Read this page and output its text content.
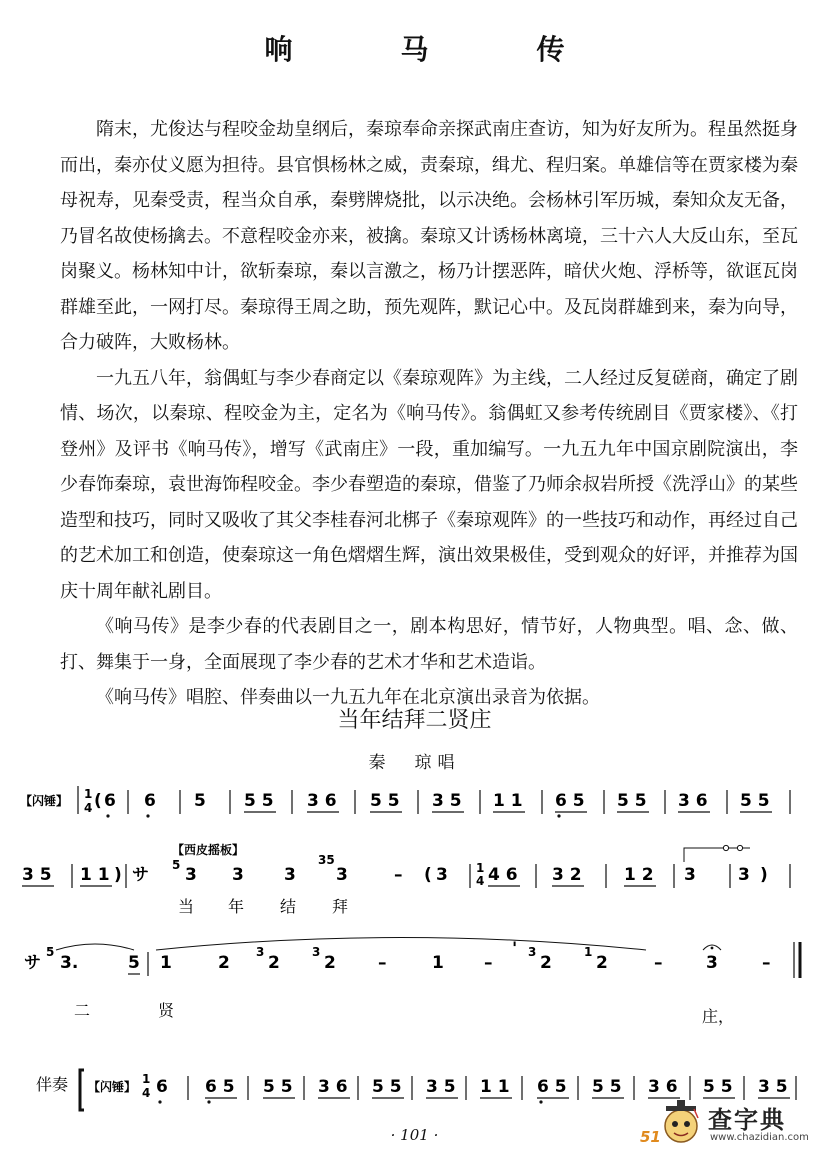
响　马　传

隋末，尤俊达与程咬金劫皇纲后，秦琼奉命亲探武南庄查访，知为好友所为。程虽然挺身而出，秦亦仗义愿为担待。县官惧杨林之威，责秦琼，缉尤、程归案。单雄信等在贾家楼为秦母祝寿，见秦受责，程当众自承，秦劈牌烧批，以示决绝。会杨林引军历城，秦知众友无备，乃冒名故使杨擒去。不意程咬金亦来，被擒。秦琼又计诱杨林离境，三十六人大反山东，至瓦岗聚义。杨林知中计，欲斩秦琼，秦以言激之，杨乃计摆恶阵，暗伏火炮、浮桥等，欲诓瓦岗群雄至此，一网打尽。秦琼得王周之助，预先观阵，默记心中。及瓦岗群雄到来，秦为向导，合力破阵，大败杨林。

一九五八年，翁偶虹与李少春商定以《秦琼观阵》为主线，二人经过反复磋商，确定了剧情、场次，以秦琼、程咬金为主，定名为《响马传》。翁偶虹又参考传统剧目《贾家楼》、《打登州》及评书《响马传》，增写《武南庄》一段，重加编写。一九五九年中国京剧院演出，李少春饰秦琼，袁世海饰程咬金。李少春塑造的秦琼，借鉴了乃师余叔岩所授《洗浮山》的某些造型和技巧，同时又吸收了其父李桂春河北梆子《秦琼观阵》的一些技巧和动作，再经过自己的艺术加工和创造，使秦琼这一角色熠熠生辉，演出效果极佳，受到观众的好评，并推荐为国庆十周年献礼剧目。

《响马传》是李少春的代表剧目之一，剧本构思好，情节好，人物典型。唱、念、做、打、舞集于一身，全面展现了李少春的艺术才华和艺术造诣。

《响马传》唱腔、伴奏曲以一九五九年在北京演出录音为依据。

当年结拜二贤庄
秦　琼唱
【闪锤】 1
4 ( 6 6 5 5 5 3 6 5 5 3 5 1 1 6 5 5 5 3 6 5 5
3 5 1 1 )
【西皮摇板】
サ 5 3 3 3
35
3	– ( 3 1
4 4 6 3 2 1 2 3 3 )
当 年 结 拜
サ
5
3.	5 1	2
3
2
3
2 –	1 –
' 3
2
1
2	–	3	–
二	贤	庄，
伴奏 【闪锤】
1
4 6 6 5 5 5 3 6 5 5 3 5 1 1 6 5 5 5 3 6 5 5 3 5
· 101 ·	51
查字典
www.chazidian.com
